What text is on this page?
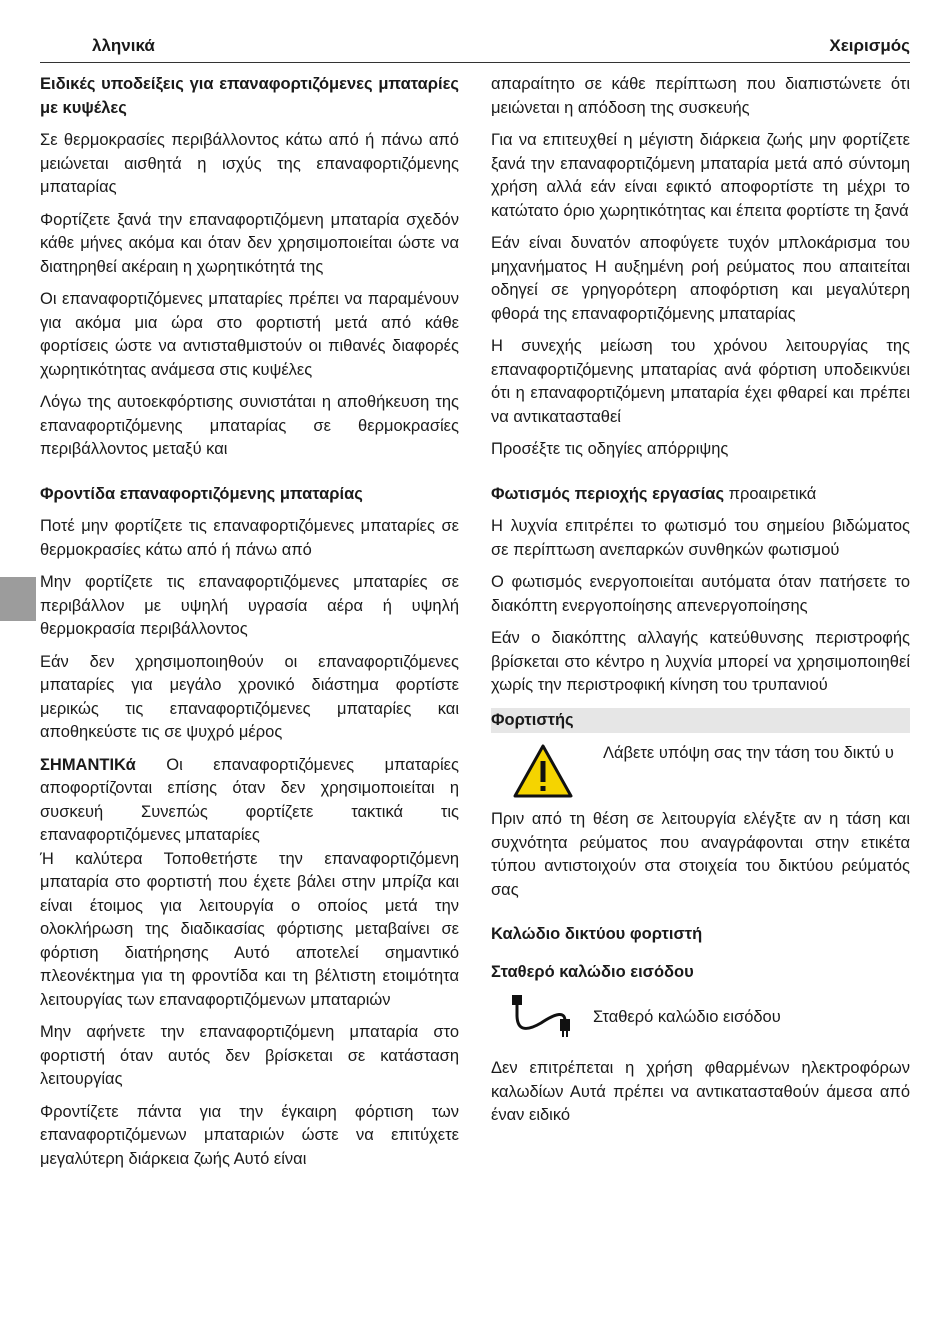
λληνικά	Χειρισμός
Ειδικές υποδείξεις για επαναφορτιζόμενες μπαταρίες με κυψέλες
Σε θερμοκρασίες περιβάλλοντος κάτω από ή πάνω από μειώνεται αισθητά η ισχύς της επαναφορτιζόμενης μπαταρίας
Φορτίζετε ξανά την επαναφορτιζόμενη μπαταρία σχεδόν κάθε μήνες ακόμα και όταν δεν χρησιμοποιείται ώστε να διατηρηθεί ακέραιη η χωρητικότητά της
Οι επαναφορτιζόμενες μπαταρίες πρέπει να παραμένουν για ακόμα μια ώρα στο φορτιστή μετά από κάθε φορτίσεις ώστε να αντισταθμιστούν οι πιθανές διαφορές χωρητικότητας ανάμεσα στις κυψέλες
Λόγω της αυτοεκφόρτισης συνιστάται η αποθήκευση της επαναφορτιζόμενης μπαταρίας σε θερμοκρασίες περιβάλλοντος μεταξύ και
Φροντίδα επαναφορτιζόμενης μπαταρίας
Ποτέ μην φορτίζετε τις επαναφορτιζόμενες μπαταρίες σε θερμοκρασίες κάτω από ή πάνω από
Μην φορτίζετε τις επαναφορτιζόμενες μπαταρίες σε περιβάλλον με υψηλή υγρασία αέρα ή υψηλή θερμοκρασία περιβάλλοντος
Εάν δεν χρησιμοποιηθούν οι επαναφορτιζόμενες μπαταρίες για μεγάλο χρονικό διάστημα φορτίστε μερικώς τις επαναφορτιζόμενες μπαταρίες και αποθηκεύστε τις σε ψυχρό μέρος
ΣΗΜΑΝΤΙΚά Οι επαναφορτιζόμενες μπαταρίες αποφορτίζονται επίσης όταν δεν χρησιμοποιείται η συσκευή Συνεπώς φορτίζετε τακτικά τις επαναφορτιζόμενες μπαταρίες
Ή καλύτερα Τοποθετήστε την επαναφορτιζόμενη μπαταρία στο φορτιστή που έχετε βάλει στην μπρίζα και είναι έτοιμος για λειτουργία ο οποίος μετά την ολοκλήρωση της διαδικασίας φόρτισης μεταβαίνει σε φόρτιση διατήρησης Αυτό αποτελεί σημαντικό πλεονέκτημα για τη φροντίδα και τη βέλτιστη ετοιμότητα λειτουργίας των επαναφορτιζόμενων μπαταριών
Μην αφήνετε την επαναφορτιζόμενη μπαταρία στο φορτιστή όταν αυτός δεν βρίσκεται σε κατάσταση λειτουργίας
Φροντίζετε πάντα για την έγκαιρη φόρτιση των επαναφορτιζόμενων μπαταριών ώστε να επιτύχετε μεγαλύτερη διάρκεια ζωής Αυτό είναι
απαραίτητο σε κάθε περίπτωση που διαπιστώνετε ότι μειώνεται η απόδοση της συσκευής
Για να επιτευχθεί η μέγιστη διάρκεια ζωής μην φορτίζετε ξανά την επαναφορτιζόμενη μπαταρία μετά από σύντομη χρήση αλλά εάν είναι εφικτό αποφορτίστε τη μέχρι το κατώτατο όριο χωρητικότητας και έπειτα φορτίστε τη ξανά
Εάν είναι δυνατόν αποφύγετε τυχόν μπλοκάρισμα του μηχανήματος Η αυξημένη ροή ρεύματος που απαιτείται οδηγεί σε γρηγορότερη αποφόρτιση και μεγαλύτερη φθορά της επαναφορτιζόμενης μπαταρίας
Η συνεχής μείωση του χρόνου λειτουργίας της επαναφορτιζόμενης μπαταρίας ανά φόρτιση υποδεικνύει ότι η επαναφορτιζόμενη μπαταρία έχει φθαρεί και πρέπει να αντικατασταθεί
Προσέξτε τις οδηγίες απόρριψης
Φωτισμός περιοχής εργασίας προαιρετικά
Η λυχνία επιτρέπει το φωτισμό του σημείου βιδώματος σε περίπτωση ανεπαρκών συνθηκών φωτισμού
Ο φωτισμός ενεργοποιείται αυτόματα όταν πατήσετε το διακόπτη ενεργοποίησης απενεργοποίησης
Εάν ο διακόπτης αλλαγής κατεύθυνσης περιστροφής βρίσκεται στο κέντρο η λυχνία μπορεί να χρησιμοποιηθεί χωρίς την περιστροφική κίνηση του τρυπανιού
Φορτιστής
Λάβετε υπόψη σας την τάση του δικτύ υ
Πριν από τη θέση σε λειτουργία ελέγξτε αν η τάση και συχνότητα ρεύματος που αναγράφονται στην ετικέτα τύπου αντιστοιχούν στα στοιχεία του δικτύου ρεύματός σας
Καλώδιο δικτύου φορτιστή
Σταθερό καλώδιο εισόδου
Σταθερό καλώδιο εισόδου
Δεν επιτρέπεται η χρήση φθαρμένων ηλεκτροφόρων καλωδίων Αυτά πρέπει να αντικατασταθούν άμεσα από έναν ειδικό
